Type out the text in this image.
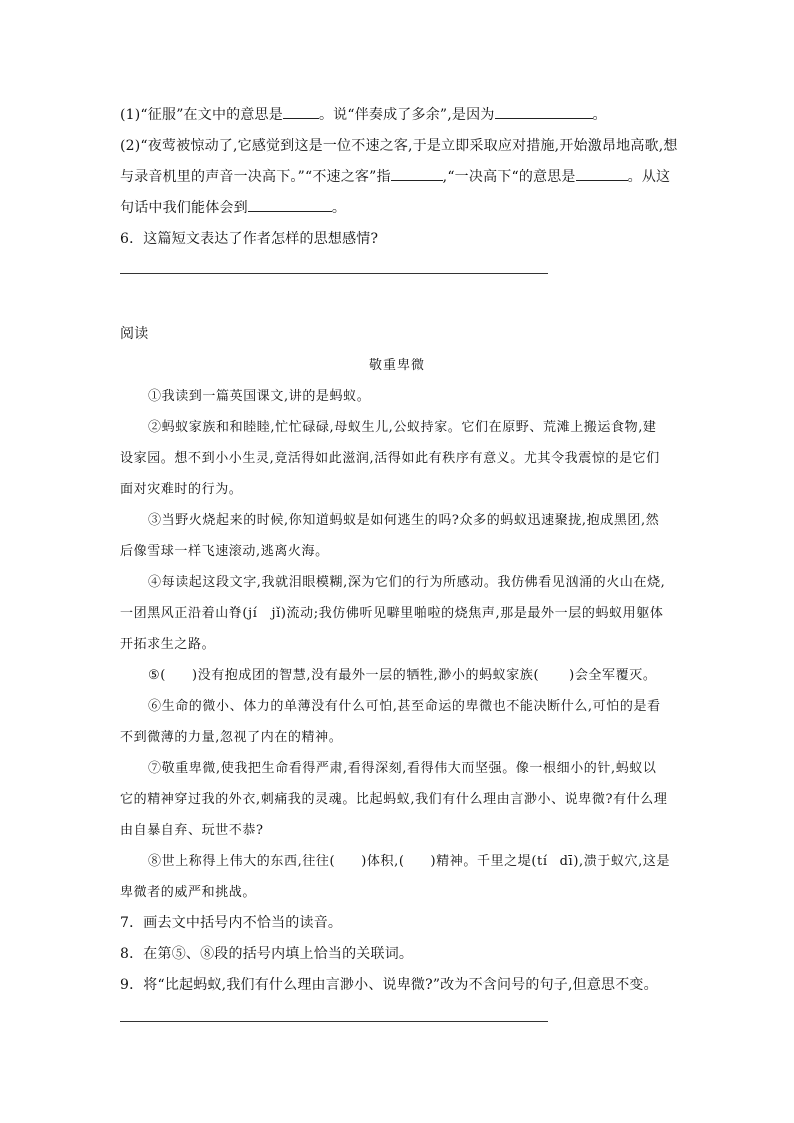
(1)“征服”在文中的意思是	。说“伴奏成了多余”,是因为	。
(2)“夜莺被惊动了,它感觉到这是一位不速之客,于是立即采取应对措施,开始激昂地高歌,想
与录音机里的声音一决高下。”“不速之客”指	,“一决高下“的意思是	。从这
句话中我们能体会到	。
6．这篇短文表达了作者怎样的思想感情?
阅读
敬重卑微
①我读到一篇英国课文,讲的是蚂蚁。
②蚂蚁家族和和睦睦,忙忙碌碌,母蚁生儿,公蚁持家。它们在原野、荒滩上搬运食物,建
设家园。想不到小小生灵,竟活得如此滋润,活得如此有秩序有意义。尤其令我震惊的是它们
面对灾难时的行为。
③当野火烧起来的时候,你知道蚂蚁是如何逃生的吗?众多的蚂蚁迅速聚拢,抱成黑团,然
后像雪球一样飞速滚动,逃离火海。
④每读起这段文字,我就泪眼模糊,深为它们的行为所感动。我仿佛看见汹涌的火山在烧,
一团黑风正沿着山脊(jí jǐ)流动;我仿佛听见噼里啪啦的烧焦声,那是最外一层的蚂蚁用躯体
开拓求生之路。
⑤( )没有抱成团的智慧,没有最外一层的牺牲,渺小的蚂蚁家族( )会全军覆灭。
⑥生命的微小、体力的单薄没有什么可怕,甚至命运的卑微也不能决断什么,可怕的是看
不到微薄的力量,忽视了内在的精神。
⑦敬重卑微,使我把生命看得严肃,看得深刻,看得伟大而坚强。像一根细小的针,蚂蚁以
它的精神穿过我的外衣,刺痛我的灵魂。比起蚂蚁,我们有什么理由言渺小、说卑微?有什么理
由自暴自弃、玩世不恭?
⑧世上称得上伟大的东西,往往( )体积,( )精神。千里之堤(tí dī),溃于蚁穴,这是
卑微者的威严和挑战。
7．画去文中括号内不恰当的读音。
8．在第⑤、⑧段的括号内填上恰当的关联词。
9．将“比起蚂蚁,我们有什么理由言渺小、说卑微?”改为不含问号的句子,但意思不变。
